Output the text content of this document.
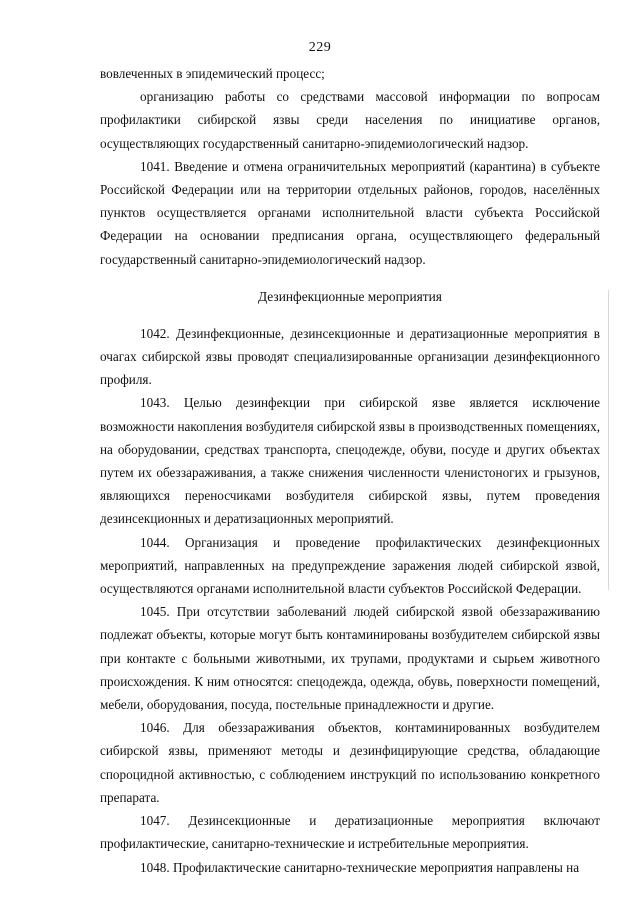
229

вовлеченных в эпидемический процесс;

организацию работы со средствами массовой информации по вопросам профилактики сибирской язвы среди населения по инициативе органов, осуществляющих государственный санитарно-эпидемиологический надзор.

1041. Введение и отмена ограничительных мероприятий (карантина) в субъекте Российской Федерации или на территории отдельных районов, городов, населённых пунктов осуществляется органами исполнительной власти субъекта Российской Федерации на основании предписания органа, осуществляющего федеральный государственный санитарно-эпидемиологический надзор.

Дезинфекционные мероприятия

1042. Дезинфекционные, дезинсекционные и дератизационные мероприятия в очагах сибирской язвы проводят специализированные организации дезинфекционного профиля.

1043. Целью дезинфекции при сибирской язве является исключение возможности накопления возбудителя сибирской язвы в производственных помещениях, на оборудовании, средствах транспорта, спецодежде, обуви, посуде и других объектах путем их обеззараживания, а также снижения численности членистоногих и грызунов, являющихся переносчиками возбудителя сибирской язвы, путем проведения дезинсекционных и дератизационных мероприятий.

1044. Организация и проведение профилактических дезинфекционных мероприятий, направленных на предупреждение заражения людей сибирской язвой, осуществляются органами исполнительной власти субъектов Российской Федерации.

1045. При отсутствии заболеваний людей сибирской язвой обеззараживанию подлежат объекты, которые могут быть контаминированы возбудителем сибирской язвы при контакте с больными животными, их трупами, продуктами и сырьем животного происхождения. К ним относятся: спецодежда, одежда, обувь, поверхности помещений, мебели, оборудования, посуда, постельные принадлежности и другие.

1046. Для обеззараживания объектов, контаминированных возбудителем сибирской язвы, применяют методы и дезинфицирующие средства, обладающие спороцидной активностью, с соблюдением инструкций по использованию конкретного препарата.

1047. Дезинсекционные и дератизационные мероприятия включают профилактические, санитарно-технические и истребительные мероприятия.

1048. Профилактические санитарно-технические мероприятия направлены на
